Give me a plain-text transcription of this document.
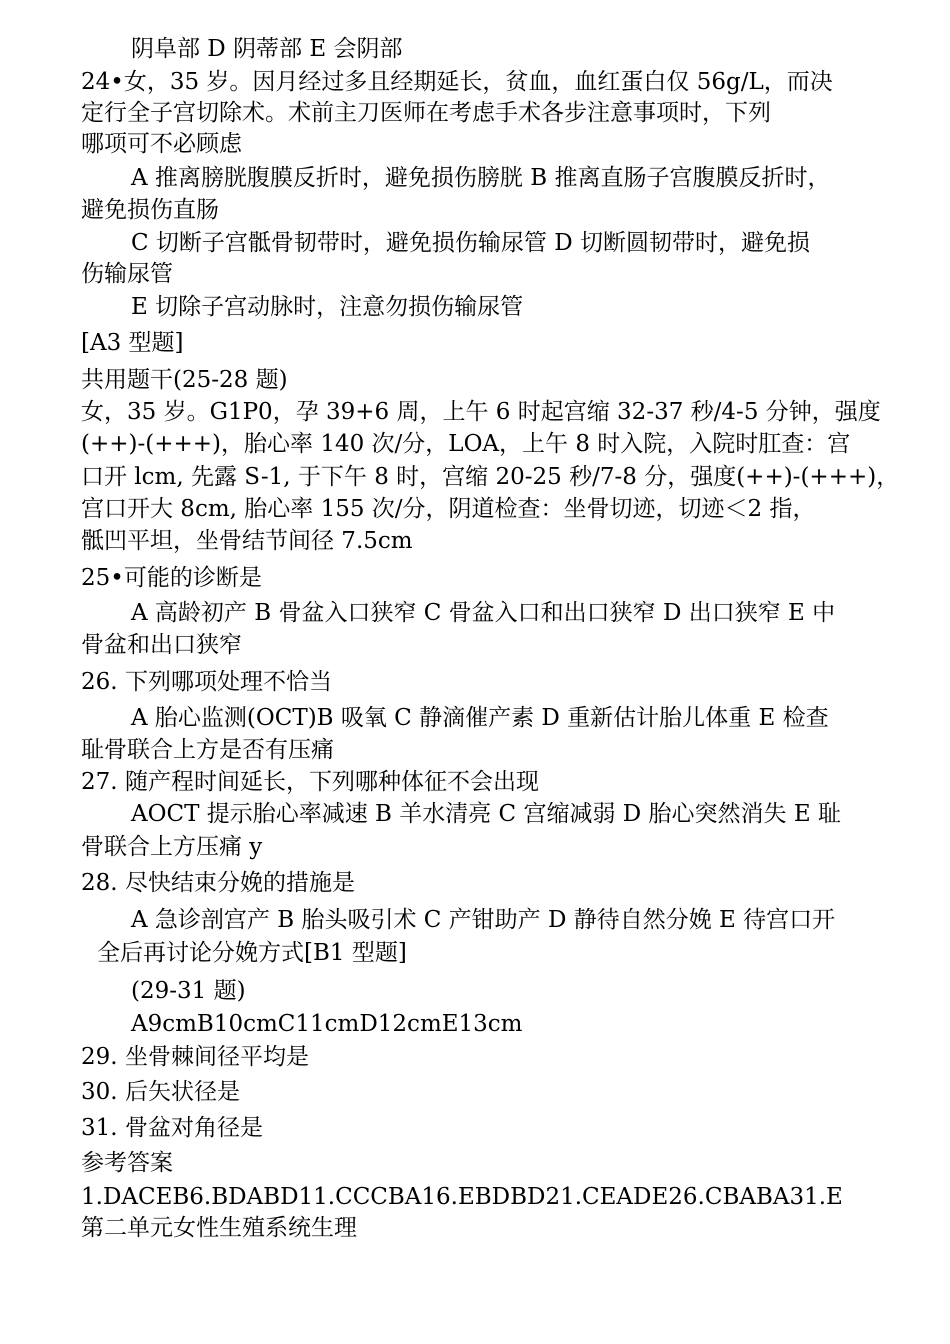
阴阜部 D 阴蒂部 E 会阴部
24•女，35 岁。因月经过多且经期延长，贫血，血红蛋白仅 56g/L，而决
定行全子宫切除术。术前主刀医师在考虑手术各步注意事项时，下列
哪项可不必顾虑
A 推离膀胱腹膜反折时，避免损伤膀胱 B 推离直肠子宫腹膜反折时，
避免损伤直肠
C 切断子宫骶骨韧带时，避免损伤输尿管 D 切断圆韧带时，避免损
伤输尿管
E 切除子宫动脉时，注意勿损伤输尿管
[A3 型题]
共用题干(25-28 题)
女，35 岁。G1P0，孕 39+6 周，上午 6 时起宫缩 32-37 秒/4-5 分钟，强度
(++)-(+++)，胎心率 140 次/分，LOA，上午 8 时入院，入院时肛查：宫
口开 lcm, 先露 S-1, 于下午 8 时，宫缩 20-25 秒/7-8 分，强度(++)-(+++)，
宫口开大 8cm, 胎心率 155 次/分，阴道检查：坐骨切迹，切迹＜2 指，
骶凹平坦，坐骨结节间径 7.5cm
25•可能的诊断是
A 高龄初产 B 骨盆入口狭窄 C 骨盆入口和出口狭窄 D 出口狭窄 E 中
骨盆和出口狭窄
26. 下列哪项处理不恰当
A 胎心监测(OCT)B 吸氧 C 静滴催产素 D 重新估计胎儿体重 E 检查
耻骨联合上方是否有压痛
27. 随产程时间延长，下列哪种体征不会出现
AOCT 提示胎心率减速 B 羊水清亮 C 宫缩减弱 D 胎心突然消失 E 耻
骨联合上方压痛 y
28. 尽快结束分娩的措施是
A 急诊剖宫产 B 胎头吸引术 C 产钳助产 D 静待自然分娩 E 待宫口开
全后再讨论分娩方式[B1 型题]
(29-31 题)
A9cmB10cmC11cmD12cmE13cm
29. 坐骨棘间径平均是
30. 后矢状径是
31. 骨盆对角径是
参考答案
1.DACEB6.BDABD11.CCCBA16.EBDBD21.CEADE26.CBABA31.E
第二单元女性生殖系统生理
